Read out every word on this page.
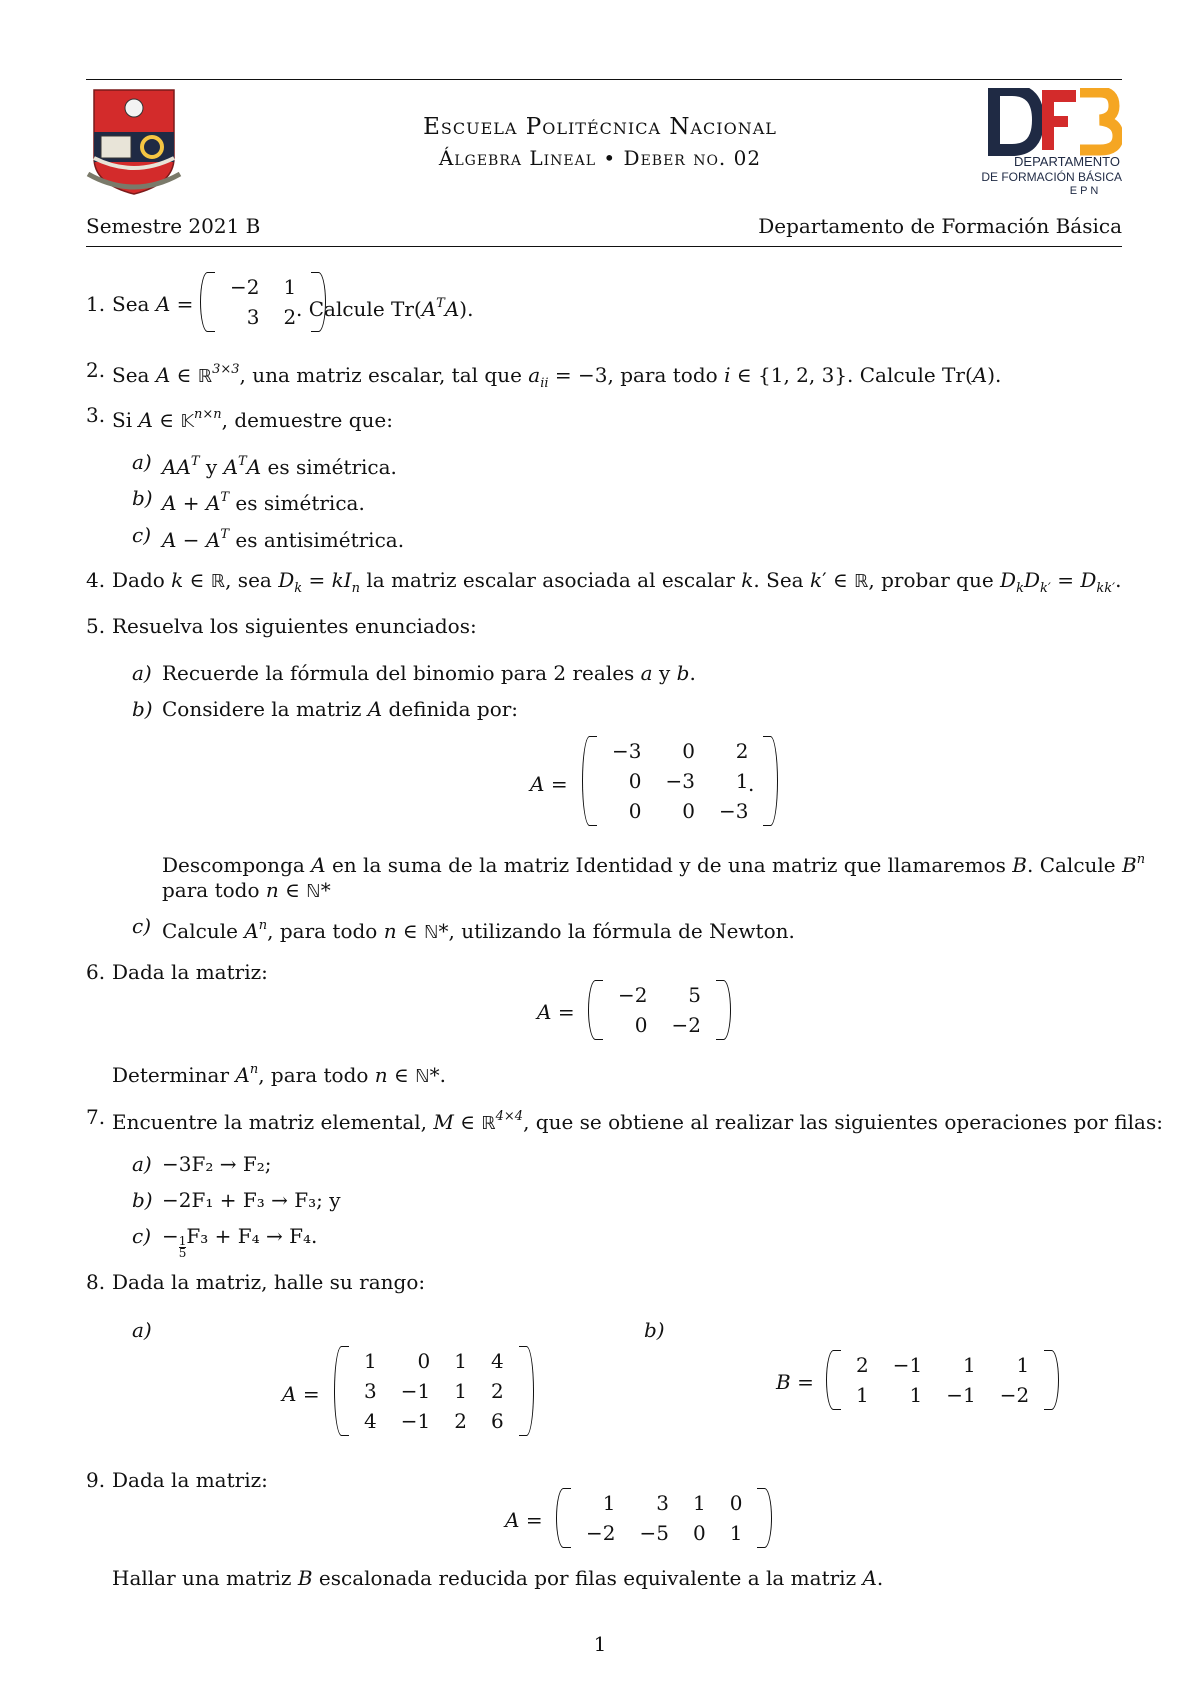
Escuela Politécnica Nacional
Álgebra Lineal • Deber no. 02	DEPARTAMENTO
DE FORMACIÓN BÁSICA
E P N
Semestre 2021 B	Departamento de Formación Básica
1. Sea A =
−2	1
3	2 . Calcule $Tr(A^TA)$.
2. Sea A ∈ ℝ$^{3\times 3}$, una matriz escalar, tal que $a_{ii} = -3$, para todo i ∈ {1, 2, 3}. Calcule Tr(A).
3. Si A ∈ 𝕂$^{n\times n}$, demuestre que:
a) $AA^T$ y $A^TA$ es simétrica.
b) $A + A^T$ es simétrica.
c) $A - A^T$ es antisimétrica.
4. Dado k ∈ ℝ, sea $D_k = kI_n$ la matriz escalar asociada al escalar k. Sea k′ ∈ ℝ, probar que $D_kD_{k'} = D_{kk'}$.
5. Resuelva los siguientes enunciados:
a) Recuerde la fórmula del binomio para 2 reales a y b.
b) Considere la matriz A definida por:
A =
−3	0	2
0	−3	1
0	0	−3
.
Descomponga A en la suma de la matriz Identidad y de una matriz que llamaremos B. Calcule $B^n$
para todo n ∈ ℕ*
c) Calcule $A^n$, para todo n ∈ ℕ*, utilizando la fórmula de Newton.
6. Dada la matriz:
A =
−2	5
0	−2
Determinar $A^n$, para todo n ∈ ℕ*.
7. Encuentre la matriz elemental, M ∈ ℝ$^{4\times 4}$, que se obtiene al realizar las siguientes operaciones por filas:
a) −3F₂ → F₂;
b) −2F₁ + F₃ → F₃; y
$c) - \frac{1}{5} F_3 + F_4 \to F_4$.
8. Dada la matriz, halle su rango:
a)
A =
1	0	1	4
3	−1	1	2
4	−1	2	6
b)
B =
2	−1	1	1
1	1	−1	−2
9. Dada la matriz:
A =
1	3	1	0
−2	−5	0	1
Hallar una matriz B escalonada reducida por filas equivalente a la matriz A.
1
